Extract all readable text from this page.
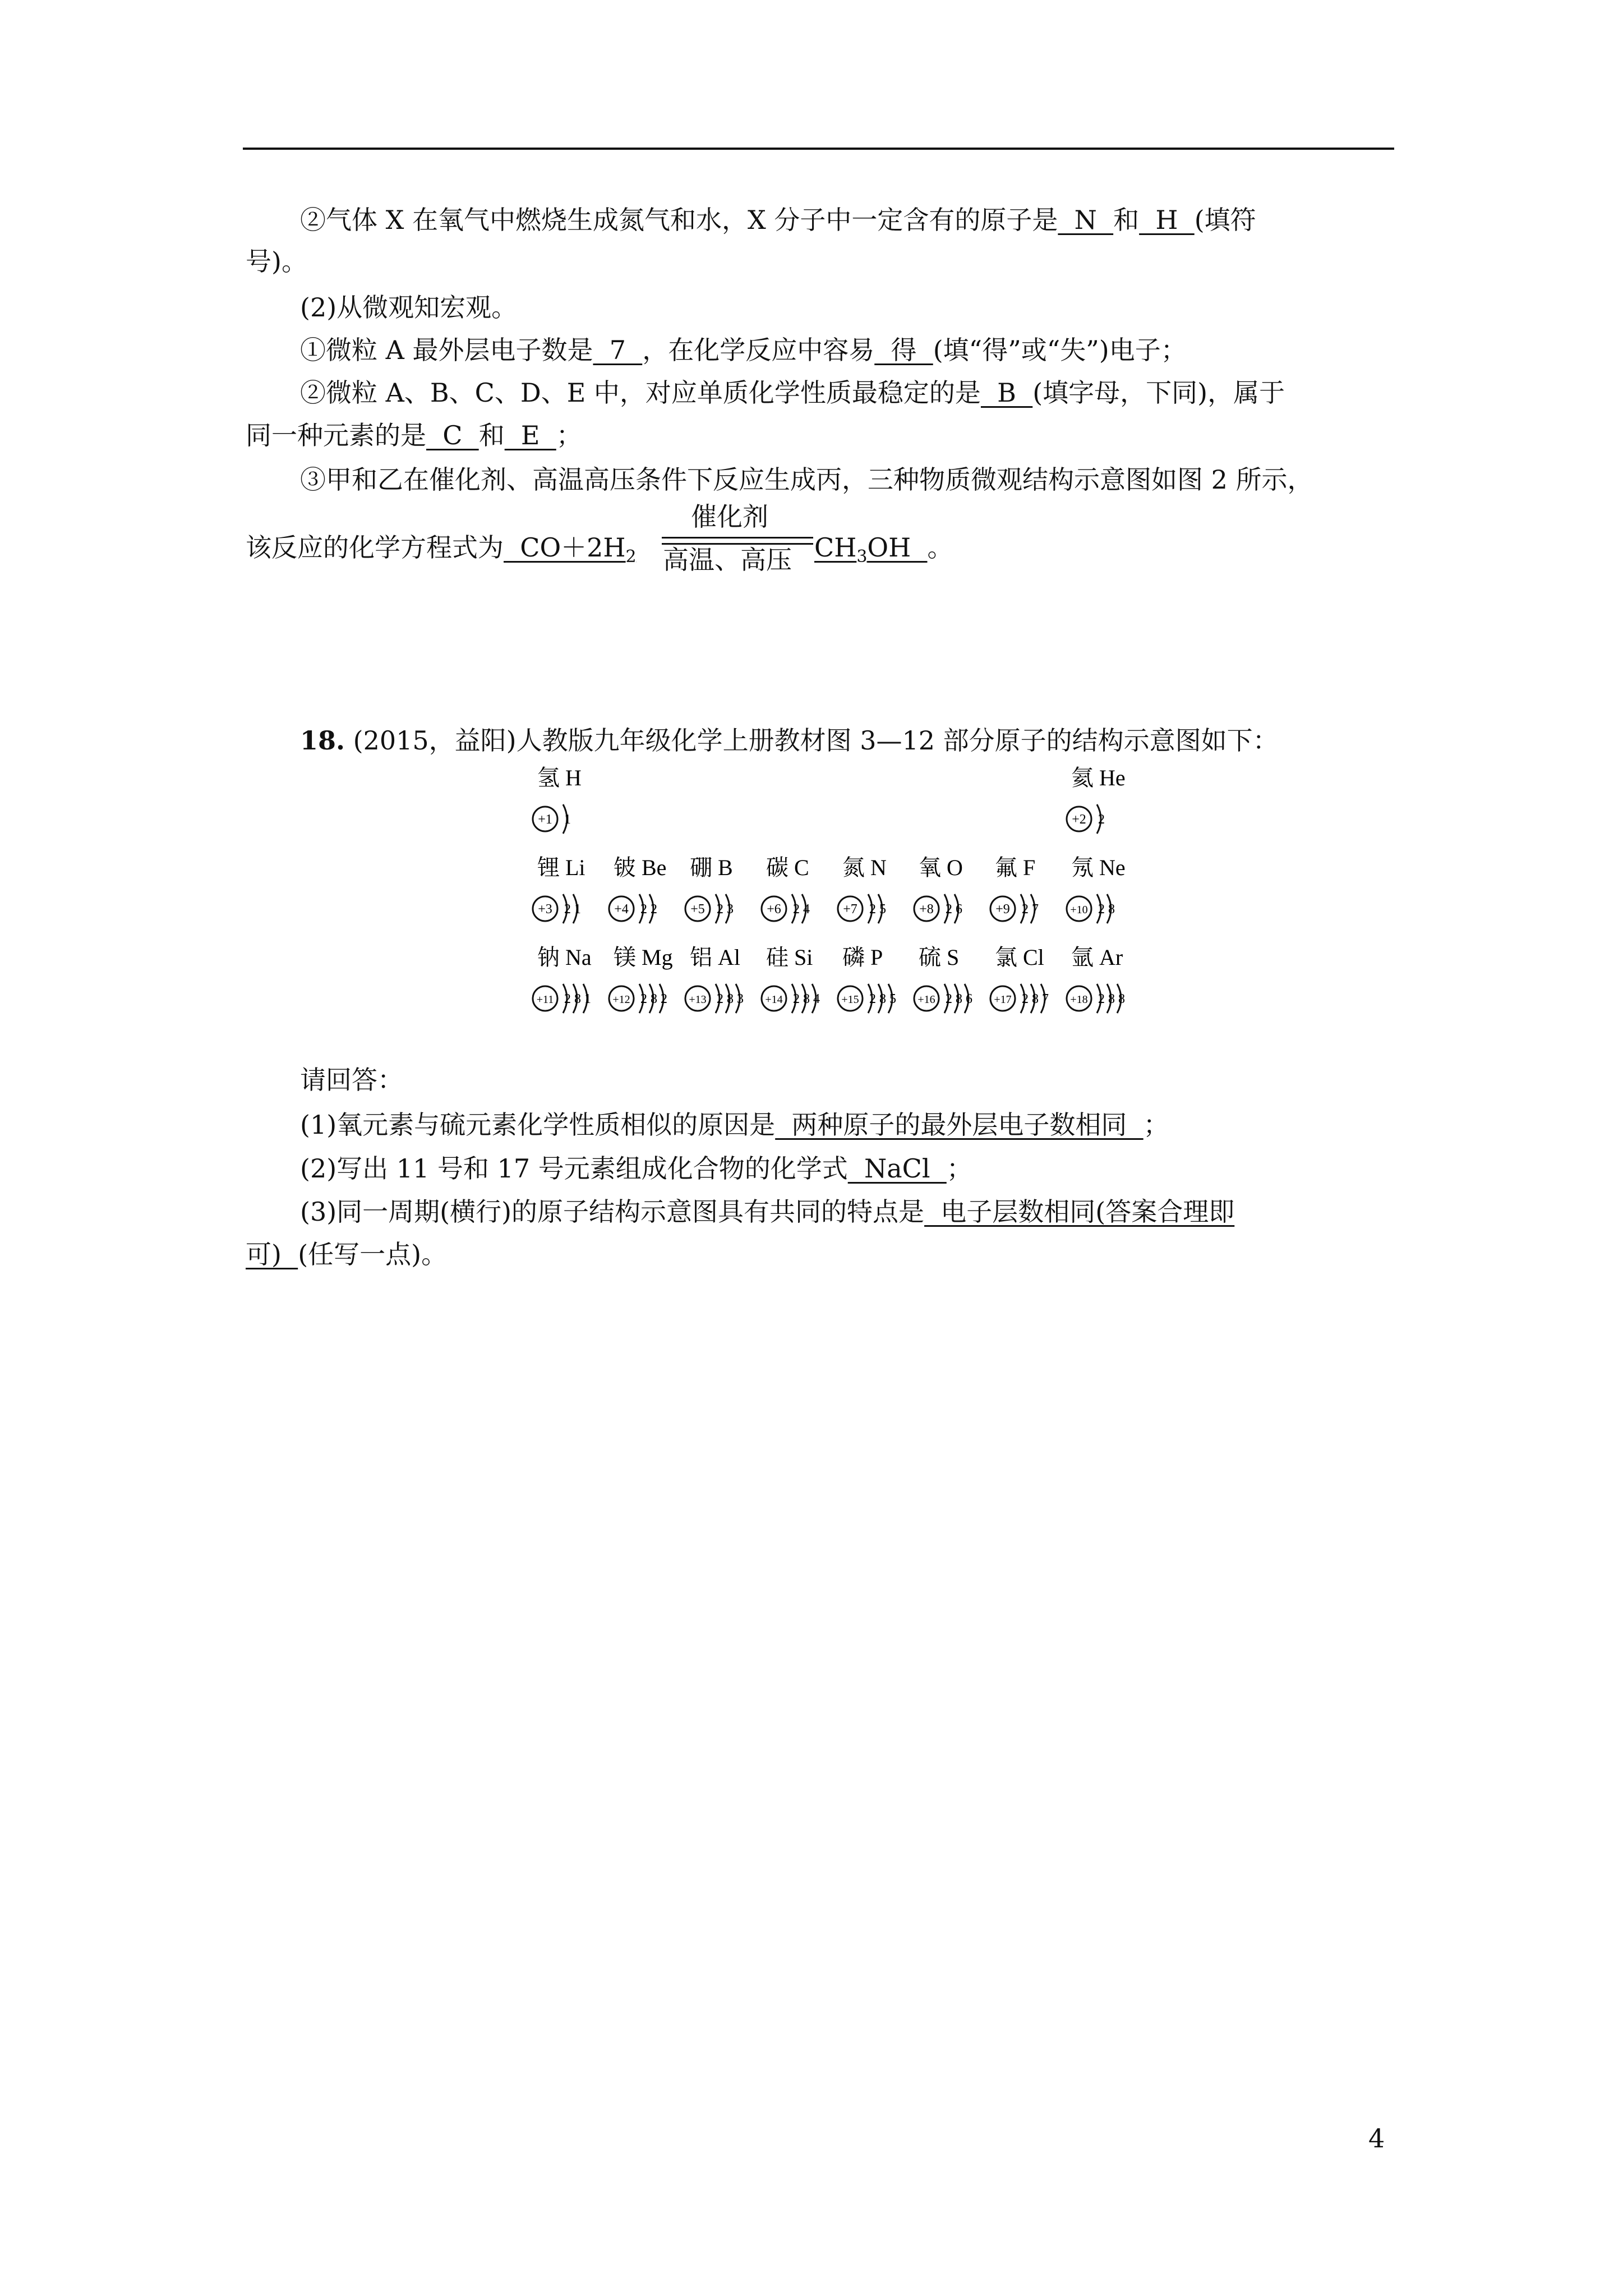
②气体 X 在氧气中燃烧生成氮气和水，X 分子中一定含有的原子是  N  和  H  (填符
号)。
(2)从微观知宏观。
①微粒 A 最外层电子数是  7  ，在化学反应中容易  得  (填“得”或“失”)电子；
②微粒 A、B、C、D、E 中，对应单质化学性质最稳定的是  B  (填字母，下同)，属于
同一种元素的是  C  和  E  ；
③甲和乙在催化剂、高温高压条件下反应生成丙，三种物质微观结构示意图如图 2 所示，
该反应的化学方程式为  $CO+2H_2$
催化剂
高温、高压 $CH_3OH$  。
18. (2015，益阳)人教版九年级化学上册教材图 3—12 部分原子的结构示意图如下：
氢 H
+1 1
氦 He
+2 2
锂 Li
+3 2 1
铍 Be
+4 2 2
硼 B
+5 2 3
碳 C
+6 2 4
氮 N
+7 2 5
氧 O
+8 2 6
氟 F
+9 2 7
氖 Ne
+10 2 8
钠 Na
+11 2 8 1
镁 Mg
+12 2 8 2
铝 Al
+13 2 8 3
硅 Si
+14 2 8 4
磷 P
+15 2 8 5
硫 S
+16 2 8 6
氯 Cl
+17 2 8 7
氩 Ar
+18 2 8 8
请回答：
(1)氧元素与硫元素化学性质相似的原因是  两种原子的最外层电子数相同  ；
(2)写出 11 号和 17 号元素组成化合物的化学式  NaCl  ；
(3)同一周期(横行)的原子结构示意图具有共同的特点是  电子层数相同(答案合理即
可)  (任写一点)。
4
